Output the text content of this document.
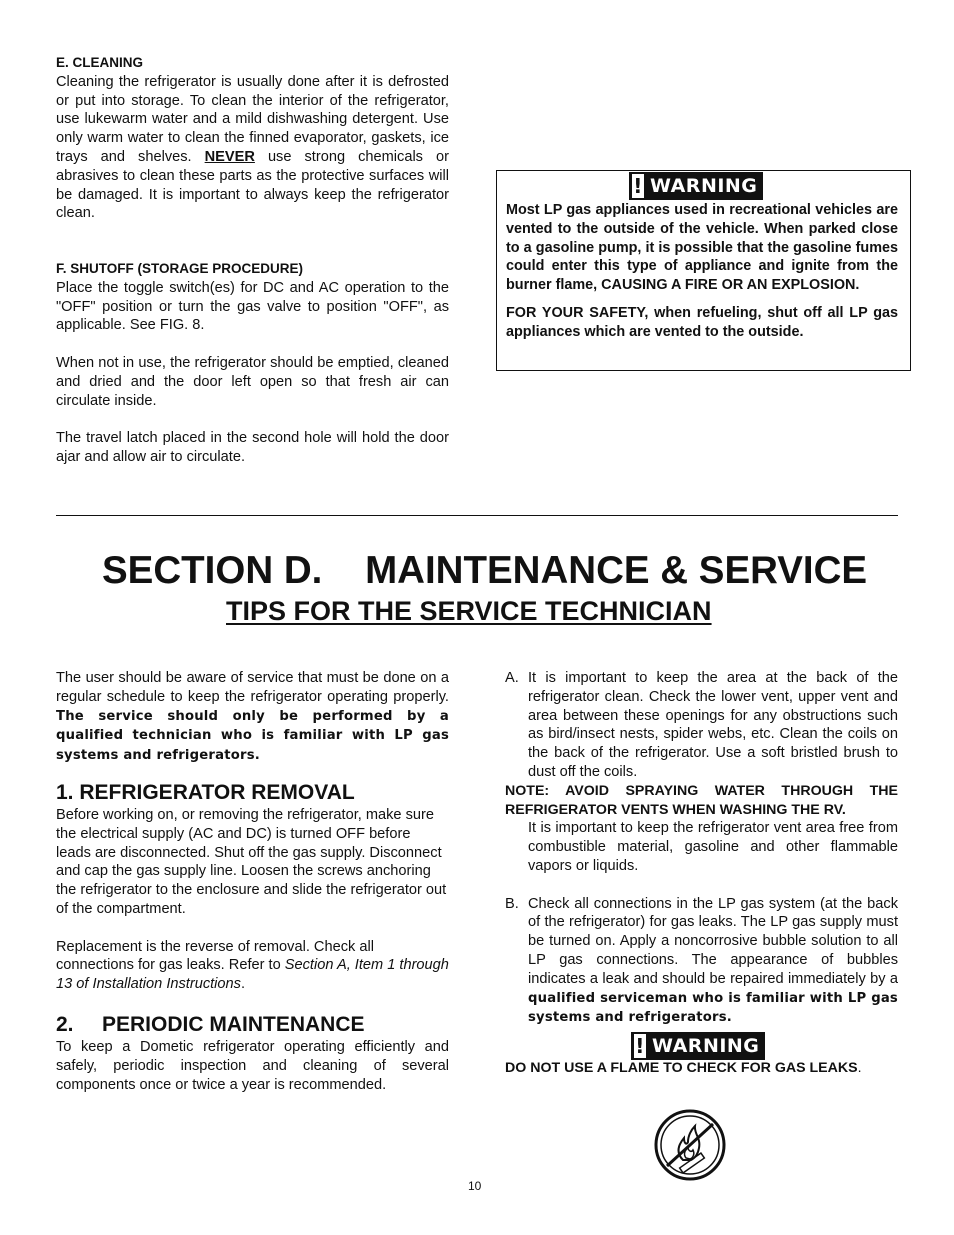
E. CLEANING

Cleaning the refrigerator is usually done after it is defrosted or put into storage. To clean the interior of the refrigerator, use lukewarm water and a mild dishwashing detergent. Use only warm water to clean the finned evaporator, gaskets, ice trays and shelves. NEVER use strong chemicals or abrasives to clean these parts as the protective surfaces will be damaged. It is important to always keep the refrigerator clean.

F. SHUTOFF (STORAGE PROCEDURE)

Place the toggle switch(es) for DC and AC operation to the "OFF" position or turn the gas valve to position "OFF", as applicable. See FIG. 8.

When not in use, the refrigerator should be emptied, cleaned and dried and the door left open so that fresh air can circulate inside.

The travel latch placed in the second hole will hold the door ajar and allow air to circulate.

! WARNING

Most LP gas appliances used in recreational vehicles are vented to the outside of the vehicle. When parked close to a gasoline pump, it is possible that the gasoline fumes could enter this type of appliance and ignite from the burner flame, CAUSING A FIRE OR AN EXPLOSION.

FOR YOUR SAFETY, when refueling, shut off all LP gas appliances which are vented to the outside.

SECTION D.    MAINTENANCE & SERVICE
TIPS FOR THE SERVICE TECHNICIAN

The user should be aware of service that must be done on a regular schedule to keep the refrigerator operating properly. The service should only be performed by a qualified technician who is familiar with LP gas systems and refrigerators.

1. REFRIGERATOR REMOVAL

Before working on, or removing the refrigerator, make sure the electrical supply (AC and DC) is turned OFF before leads are disconnected. Shut off the gas supply. Disconnect and cap the gas supply line. Loosen the screws anchoring the refrigerator to the enclosure and slide the refrigerator out of the compartment.

Replacement is the reverse of removal. Check all connections for gas leaks. Refer to Section A, Item 1 through 13 of Installation Instructions.

2. PERIODIC MAINTENANCE

To keep a Dometic refrigerator operating efficiently and safely, periodic inspection and cleaning of several components once or twice a year is recommended.

A. It is important to keep the area at the back of the refrigerator clean. Check the lower vent, upper vent and area between these openings for any obstructions such as bird/insect nests, spider webs, etc. Clean the coils on the back of the refrigerator. Use a soft bristled brush to dust off the coils.

NOTE: AVOID SPRAYING WATER THROUGH THE REFRIGERATOR VENTS WHEN WASHING THE RV.

It is important to keep the refrigerator vent area free from combustible material, gasoline and other flammable vapors or liquids.

B. Check all connections in the LP gas system (at the back of the refrigerator) for gas leaks. The LP gas supply must be turned on. Apply a noncorrosive bubble solution to all LP gas connections. The appearance of bubbles indicates a leak and should be repaired immediately by a qualified serviceman who is familiar with LP gas systems and refrigerators.

! WARNING
DO NOT USE A FLAME TO CHECK FOR GAS LEAKS.
10
